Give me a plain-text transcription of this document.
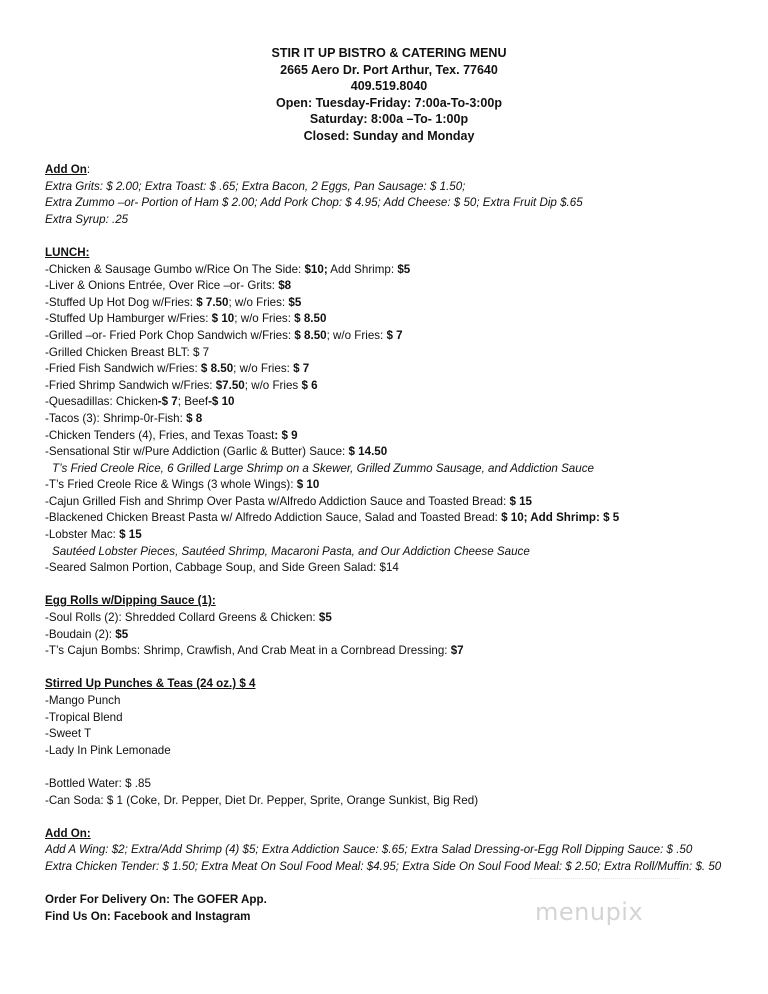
STIR IT UP BISTRO & CATERING MENU
2665 Aero Dr. Port Arthur, Tex. 77640
409.519.8040
Open: Tuesday-Friday: 7:00a-To-3:00p
Saturday: 8:00a –To- 1:00p
Closed: Sunday and Monday
Add On:
Extra Grits: $ 2.00; Extra Toast: $ .65; Extra Bacon, 2 Eggs, Pan Sausage: $ 1.50;
Extra Zummo –or- Portion of Ham $ 2.00; Add Pork Chop: $ 4.95; Add Cheese: $ 50; Extra Fruit Dip $.65
Extra Syrup: .25
LUNCH:
-Chicken & Sausage Gumbo w/Rice On The Side: $10; Add Shrimp: $5
-Liver & Onions Entrée, Over Rice –or- Grits: $8
-Stuffed Up Hot Dog w/Fries: $ 7.50; w/o Fries: $5
-Stuffed Up Hamburger w/Fries: $ 10; w/o Fries: $ 8.50
-Grilled –or- Fried Pork Chop Sandwich w/Fries: $ 8.50; w/o Fries: $ 7
-Grilled Chicken Breast BLT: $ 7
-Fried Fish Sandwich w/Fries: $ 8.50; w/o Fries: $ 7
-Fried Shrimp Sandwich w/Fries: $7.50; w/o Fries $ 6
-Quesadillas: Chicken-$ 7; Beef-$ 10
-Tacos (3): Shrimp-0r-Fish: $ 8
-Chicken Tenders (4), Fries, and Texas Toast: $ 9
-Sensational Stir w/Pure Addiction (Garlic & Butter) Sauce: $ 14.50
T’s Fried Creole Rice, 6 Grilled Large Shrimp on a Skewer, Grilled Zummo Sausage, and Addiction Sauce
-T’s Fried Creole Rice & Wings (3 whole Wings): $ 10
-Cajun Grilled Fish and Shrimp Over Pasta w/Alfredo Addiction Sauce and Toasted Bread: $ 15
-Blackened Chicken Breast Pasta w/ Alfredo Addiction Sauce, Salad and Toasted Bread: $ 10; Add Shrimp: $ 5
-Lobster Mac: $ 15
Sautéed Lobster Pieces, Sautéed Shrimp, Macaroni Pasta, and Our Addiction Cheese Sauce
-Seared Salmon Portion, Cabbage Soup, and Side Green Salad: $14
Egg Rolls w/Dipping Sauce (1):
-Soul Rolls (2): Shredded Collard Greens & Chicken: $5
-Boudain (2): $5
-T’s Cajun Bombs: Shrimp, Crawfish, And Crab Meat in a Cornbread Dressing: $7
Stirred Up Punches & Teas (24 oz.) $ 4
-Mango Punch
-Tropical Blend
-Sweet T
-Lady In Pink Lemonade
-Bottled Water: $ .85
-Can Soda: $ 1 (Coke, Dr. Pepper, Diet Dr. Pepper, Sprite, Orange Sunkist, Big Red)
Add On:
Add A Wing: $2; Extra/Add Shrimp (4) $5; Extra Addiction Sauce: $.65; Extra Salad Dressing-or-Egg Roll Dipping Sauce: $ .50
Extra Chicken Tender: $ 1.50; Extra Meat On Soul Food Meal: $4.95; Extra Side On Soul Food Meal: $ 2.50; Extra Roll/Muffin: $. 50
Order For Delivery On: The GOFER App.
Find Us On: Facebook and Instagram	menupix
